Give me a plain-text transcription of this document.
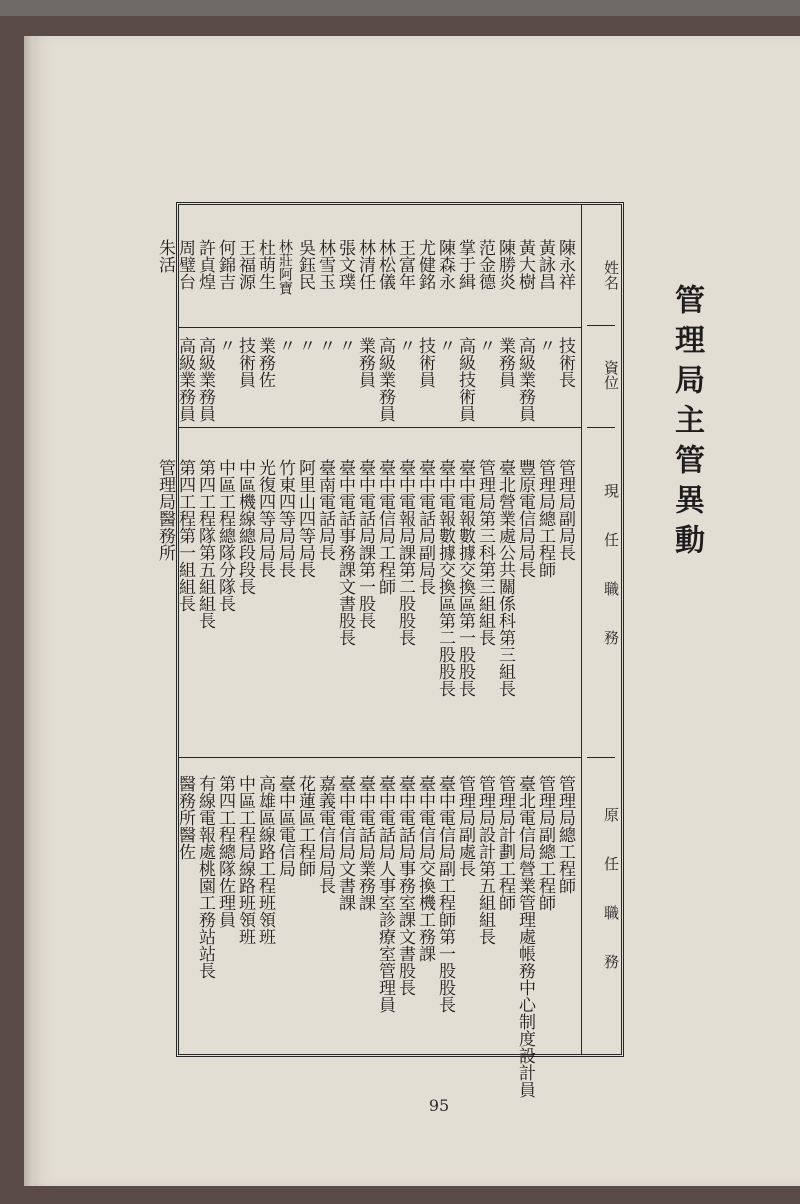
管理局主管異動
姓名
資位
現任職務
原任職務
陳永祥
黃詠昌
黃大樹
陳勝炎
范金德
掌于緝
陳森永
尤健銘
王富年
林松儀
林清任
張文璞
林雪玉
吳鈺民
林莊阿寶
杜萌生
王福源
何錦吉
許貞煌
周璧台
朱活
技術長
〃
高級業務員
業務員
〃
高級技術員
〃
技術員
〃
高級業務員
業務員
〃
〃
〃
〃
業務佐
技術員
〃
高級業務員
高級業務員
管理局副局長
管理局總工程師
豐原電信局局長
臺北營業處公共關係科第三組長
管理局第三科第三組組長
臺中電報數據交換區第一股股長
臺中電報數據交換區第二股股長
臺中電話局副局長
臺中電報局課第二股股長
臺中電信局工程師
臺中電話局課第一股長
臺中電話事務課文書股長
臺南電話局長
阿里山四等局長
竹東四等局局長
光復四等局局長
中區機線總段段長
中區工程總隊分隊長
第四工程隊第五組組長
第四工程第一組組長
管理局醫務所
管理局總工程師
管理局副總工程師
臺北電信局營業管理處帳務中心制度設計員
管理局計劃工程師
管理局設計第五組組長
管理局副處長
臺中電信局副工程師第一股股長
臺中電信局交換機工務課
臺中電話局事務室課文書股長
臺中電話局人事室診療室管理員
臺中電話局業務課
臺中電信局文書課
嘉義電信局局長
花蓮區工程師
臺中區電信局
高雄區線路工程班領班
中區工程局線路班領班
第四工程總隊佐理員
有線電報處桃園工務站站長
醫務所醫佐
95
